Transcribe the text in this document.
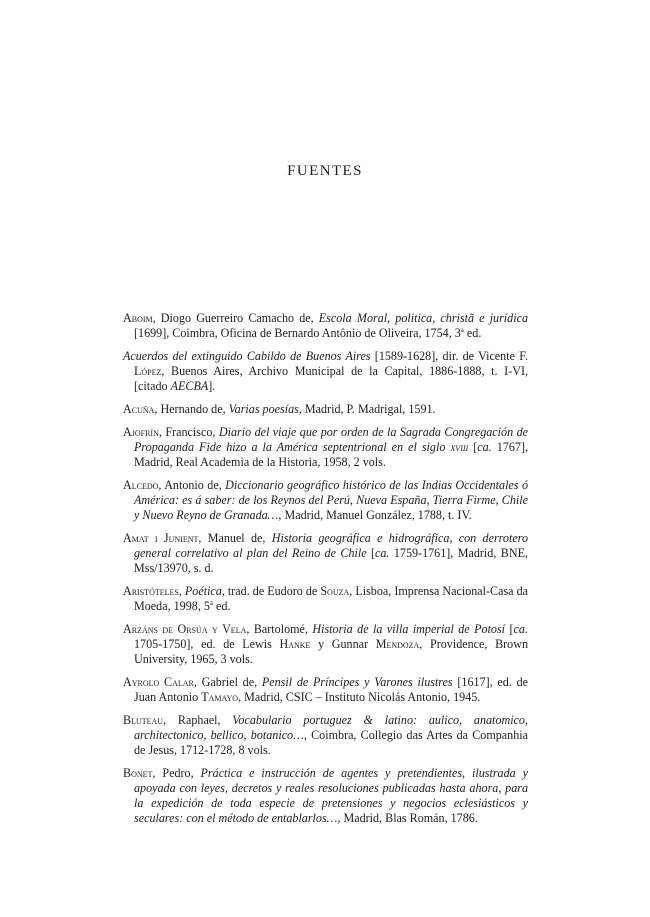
FUENTES

Aboim, Diogo Guerreiro Camacho de, Escola Moral, politica, christã e jurídica [1699], Coimbra, Oficina de Bernardo Antônio de Oliveira, 1754, 3$^a$ ed.

Acuerdos del extinguido Cabildo de Buenos Aires [1589-1628], dir. de Vicente F. López, Buenos Aires, Archivo Municipal de la Capital, 1886-1888, t. I-VI, [citado AECBA].

Acuña, Hernando de, Varias poesías, Madrid, P. Madrigal, 1591.

Ajofrín, Francisco, Diario del viaje que por orden de la Sagrada Congregación de Propaganda Fide hizo a la América septentrional en el siglo xviii [ca. 1767], Madrid, Real Academia de la Historia, 1958, 2 vols.

Alcedo, Antonio de, Diccionario geográfico histórico de las Indias Occidentales ó América: es á saber: de los Reynos del Perú, Nueva España, Tierra Firme, Chile y Nuevo Reyno de Granada…, Madrid, Manuel González, 1788, t. IV.

Amat i Junient, Manuel de, Historia geográfica e hidrográfica, con derrotero general correlativo al plan del Reino de Chile [ca. 1759-1761], Madrid, BNE, Mss/13970, s. d.

Aristóteles, Poética, trad. de Eudoro de Souza, Lisboa, Imprensa Nacional-Casa da Moeda, 1998, 5$^a$ ed.

Arzáns de Orsúa y Vela, Bartolomé, Historia de la villa imperial de Potosí [ca. 1705-1750], ed. de Lewis Hanke y Gunnar Mendoza, Providence, Brown University, 1965, 3 vols.

Ayrolo Calar, Gabriel de, Pensil de Príncipes y Varones ilustres [1617], ed. de Juan Antonio Tamayo, Madrid, CSIC – Instituto Nicolás Antonio, 1945.

Bluteau, Raphael, Vocabulario portuguez & latino: aulico, anatomico, architectonico, bellico, botanico…, Coimbra, Collegio das Artes da Companhia de Jesus, 1712-1728, 8 vols.

Bonet, Pedro, Práctica e instrucción de agentes y pretendientes, ilustrada y apoyada con leyes, decretos y reales resoluciones publicadas hasta ahora, para la expedición de toda especie de pretensiones y negocios eclesiásticos y seculares: con el método de entablarlos…, Madrid, Blas Román, 1786.
